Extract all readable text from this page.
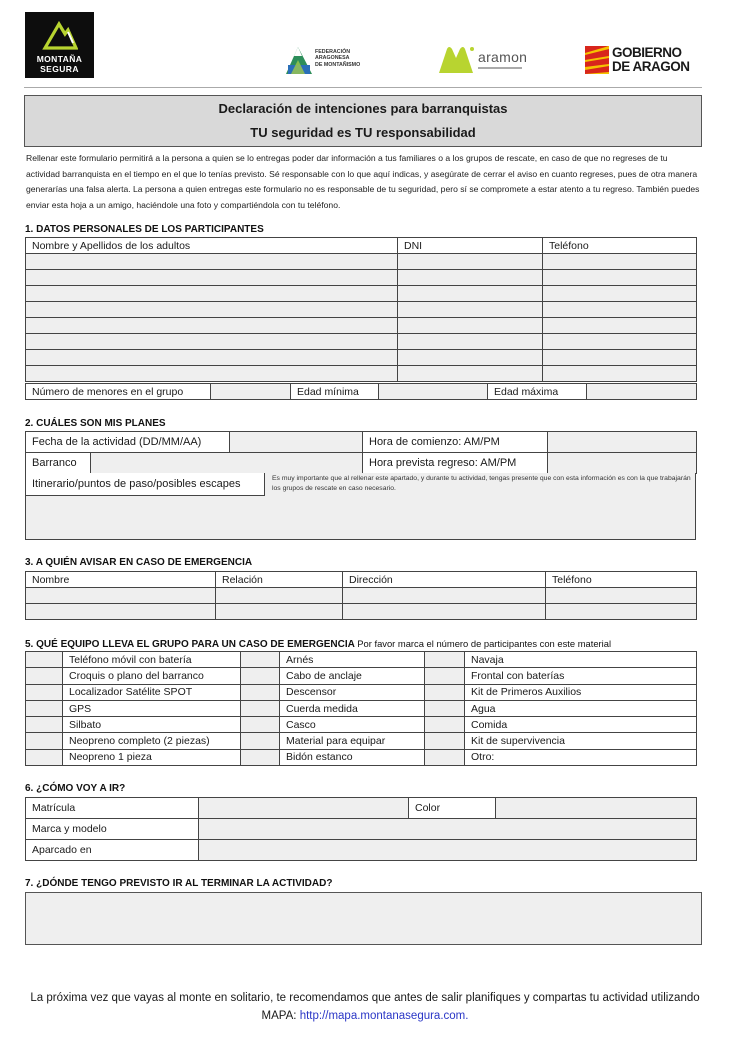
MONTAÑA
SEGURA
FEDERACIÓN
ARAGONESA
DE MONTAÑISMO	aramon	GOBIERNO
DE ARAGON
Declaración de intenciones para barranquistas
TU seguridad es TU responsabilidad
Rellenar este formulario permitirá a la persona a quien se lo entregas poder dar información a tus familiares o a los grupos de rescate, en caso de que no regreses de tu actividad barranquista en el tiempo en el que lo tenías previsto. Sé responsable con lo que aquí indicas, y asegúrate de cerrar el aviso en cuanto regreses, pues de otra manera generarías una falsa alerta. La persona a quien entregas este formulario no es responsable de tu seguridad, pero sí se compromete a estar atento a tu regreso. También puedes enviar esta hoja a un amigo, haciéndole una foto y compartiéndola con tu teléfono.
1. DATOS PERSONALES DE LOS PARTICIPANTES
Nombre y Apellidos de los adultos	DNI	Teléfono

Número de menores en el grupo		Edad mínima		Edad máxima	
2. CUÁLES SON MIS PLANES
Fecha de la actividad (DD/MM/AA)			Hora de comienzo: AM/PM	
Barranco			Hora prevista regreso: AM/PM	
Itinerario/puntos de paso/posibles escapes	Es muy importante que al rellenar este apartado, y durante tu actividad, tengas presente que con esta información es con la que trabajarán los grupos de rescate en caso necesario.
3. A QUIÉN AVISAR EN CASO DE EMERGENCIA
Nombre	Relación	Dirección	Teléfono

5. QUÉ EQUIPO LLEVA EL GRUPO PARA UN CASO DE EMERGENCIA Por favor marca el número de participantes con este material
	Teléfono móvil con batería		Arnés		Navaja
	Croquis o plano del barranco		Cabo de anclaje		Frontal con baterías
	Localizador Satélite SPOT		Descensor		Kit de Primeros Auxilios
	GPS		Cuerda medida		Agua
	Silbato		Casco		Comida
	Neopreno completo (2 piezas)		Material para equipar		Kit de supervivencia
	Neopreno 1 pieza		Bidón estanco		Otro:
6. ¿CÓMO VOY A IR?
Matrícula		Color	
Marca y modelo			
Aparcado en			
7. ¿DÓNDE TENGO PREVISTO IR AL TERMINAR LA ACTIVIDAD?
La próxima vez que vayas al monte en solitario, te recomendamos que antes de salir planifiques y compartas tu actividad utilizando MAPA: http://mapa.montanasegura.com.
